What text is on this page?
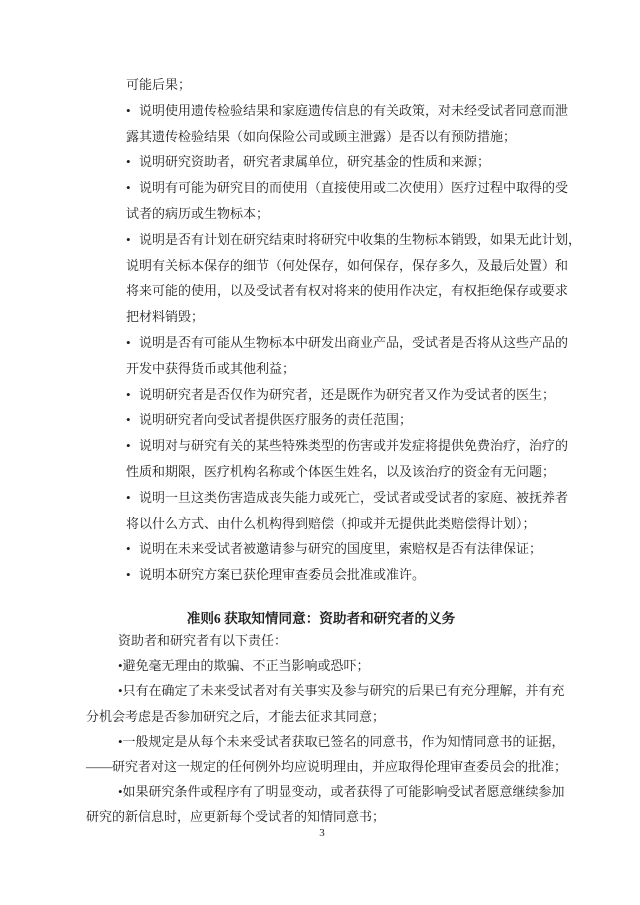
可能后果；
• 说明使用遗传检验结果和家庭遗传信息的有关政策，对未经受试者同意而泄
露其遗传检验结果（如向保险公司或顾主泄露）是否以有预防措施；
• 说明研究资助者，研究者隶属单位，研究基金的性质和来源；
• 说明有可能为研究目的而使用（直接使用或二次使用）医疗过程中取得的受
试者的病历或生物标本；
• 说明是否有计划在研究结束时将研究中收集的生物标本销毁，如果无此计划，
说明有关标本保存的细节（何处保存，如何保存，保存多久，及最后处置）和
将来可能的使用，以及受试者有权对将来的使用作决定，有权拒绝保存或要求
把材料销毁；
• 说明是否有可能从生物标本中研发出商业产品，受试者是否将从这些产品的
开发中获得货币或其他利益；
• 说明研究者是否仅作为研究者，还是既作为研究者又作为受试者的医生；
• 说明研究者向受试者提供医疗服务的责任范围；
• 说明对与研究有关的某些特殊类型的伤害或并发症将提供免费治疗，治疗的
性质和期限，医疗机构名称或个体医生姓名，以及该治疗的资金有无问题；
• 说明一旦这类伤害造成丧失能力或死亡，受试者或受试者的家庭、被抚养者
将以什么方式、由什么机构得到赔偿（抑或并无提供此类赔偿得计划）；
• 说明在未来受试者被邀请参与研究的国度里，索赔权是否有法律保证；
• 说明本研究方案已获伦理审查委员会批准或准许。
准则6 获取知情同意：资助者和研究者的义务
资助者和研究者有以下责任：
•避免毫无理由的欺骗、不正当影响或恐吓；
•只有在确定了未来受试者对有关事实及参与研究的后果已有充分理解，并有充
分机会考虑是否参加研究之后，才能去征求其同意；
•一般规定是从每个未来受试者获取已签名的同意书，作为知情同意书的证据，
——研究者对这一规定的任何例外均应说明理由，并应取得伦理审查委员会的批准；
•如果研究条件或程序有了明显变动，或者获得了可能影响受试者愿意继续参加
研究的新信息时，应更新每个受试者的知情同意书；
3
